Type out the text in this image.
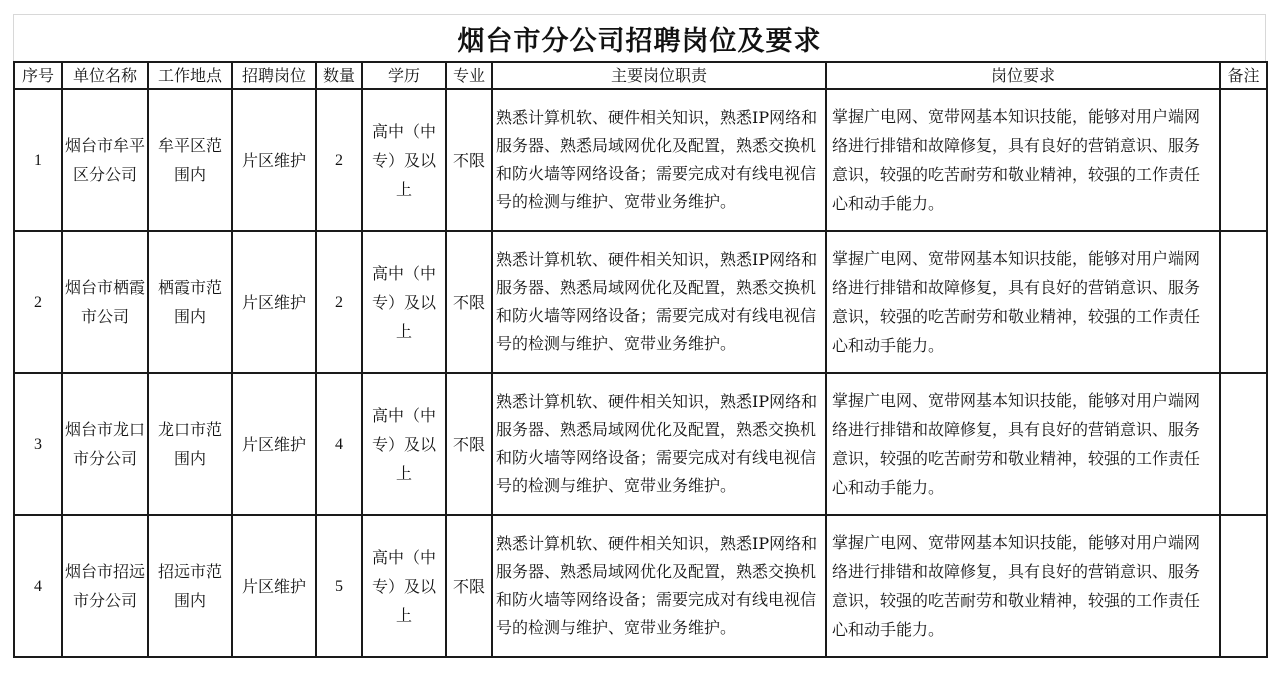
烟台市分公司招聘岗位及要求
序号	单位名称	工作地点	招聘岗位	数量	学历	专业	主要岗位职责	岗位要求	备注
1	烟台市牟平区分公司	牟平区范围内	片区维护	2	高中（中专）及以上	不限	熟悉计算机软、硬件相关知识，熟悉IP网络和服务器、熟悉局域网优化及配置，熟悉交换机和防火墙等网络设备；需要完成对有线电视信号的检测与维护、宽带业务维护。	掌握广电网、宽带网基本知识技能，能够对用户端网络进行排错和故障修复，具有良好的营销意识、服务意识，较强的吃苦耐劳和敬业精神，较强的工作责任心和动手能力。	
2	烟台市栖霞市公司	栖霞市范围内	片区维护	2	高中（中专）及以上	不限	熟悉计算机软、硬件相关知识，熟悉IP网络和服务器、熟悉局域网优化及配置，熟悉交换机和防火墙等网络设备；需要完成对有线电视信号的检测与维护、宽带业务维护。	掌握广电网、宽带网基本知识技能，能够对用户端网络进行排错和故障修复，具有良好的营销意识、服务意识，较强的吃苦耐劳和敬业精神，较强的工作责任心和动手能力。	
3	烟台市龙口市分公司	龙口市范围内	片区维护	4	高中（中专）及以上	不限	熟悉计算机软、硬件相关知识，熟悉IP网络和服务器、熟悉局域网优化及配置，熟悉交换机和防火墙等网络设备；需要完成对有线电视信号的检测与维护、宽带业务维护。	掌握广电网、宽带网基本知识技能，能够对用户端网络进行排错和故障修复，具有良好的营销意识、服务意识，较强的吃苦耐劳和敬业精神，较强的工作责任心和动手能力。	
4	烟台市招远市分公司	招远市范围内	片区维护	5	高中（中专）及以上	不限	熟悉计算机软、硬件相关知识，熟悉IP网络和服务器、熟悉局域网优化及配置，熟悉交换机和防火墙等网络设备；需要完成对有线电视信号的检测与维护、宽带业务维护。	掌握广电网、宽带网基本知识技能，能够对用户端网络进行排错和故障修复，具有良好的营销意识、服务意识，较强的吃苦耐劳和敬业精神，较强的工作责任心和动手能力。	
